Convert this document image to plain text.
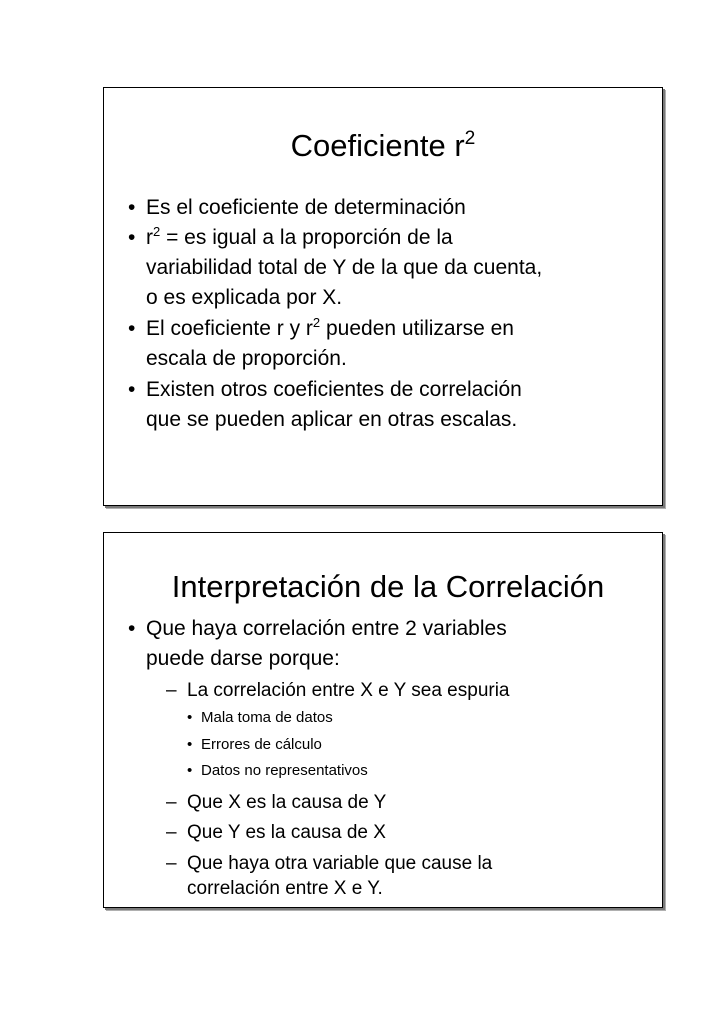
Coeficiente $r^2$
• Es el coeficiente de determinación
• $r^2$ = es igual a la proporción de la
variabilidad total de Y de la que da cuenta,
o es explicada por X.
• El coeficiente r y $r^2$ pueden utilizarse en
escala de proporción.
• Existen otros coeficientes de correlación
que se pueden aplicar en otras escalas.
Interpretación de la Correlación
• Que haya correlación entre 2 variables
puede darse porque:
– La correlación entre X e Y sea espuria
• Mala toma de datos
• Errores de cálculo
• Datos no representativos
– Que X es la causa de Y
– Que Y es la causa de X
– Que haya otra variable que cause la
correlación entre X e Y.
